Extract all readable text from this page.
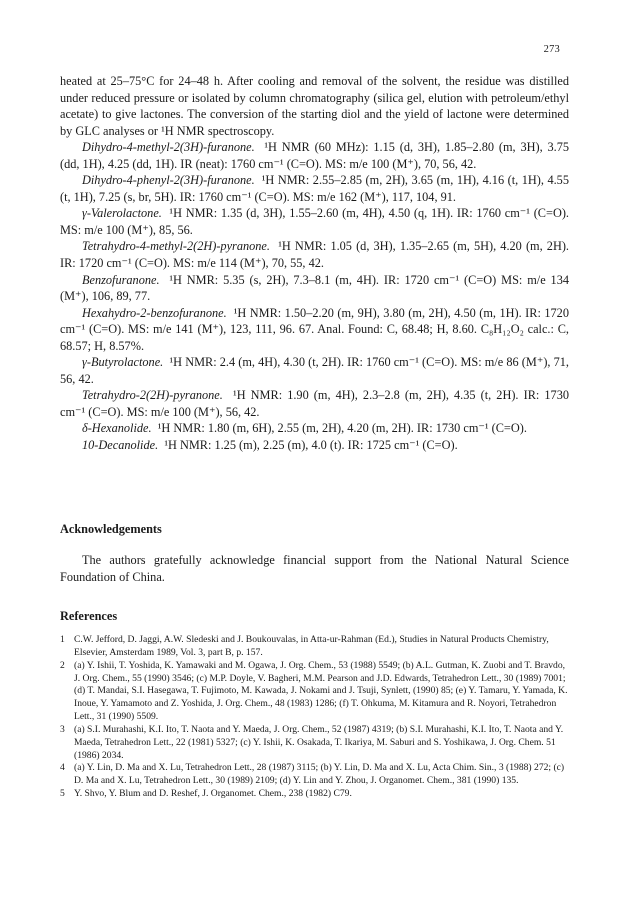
273

heated at 25–75°C for 24–48 h. After cooling and removal of the solvent, the residue was distilled under reduced pressure or isolated by column chromatography (silica gel, elution with petroleum/ethyl acetate) to give lactones. The conversion of the starting diol and the yield of lactone were determined by GLC analyses or ¹H NMR spectroscopy.

Dihydro-4-methyl-2(3H)-furanone. ¹H NMR (60 MHz): 1.15 (d, 3H), 1.85–2.80 (m, 3H), 3.75 (dd, 1H), 4.25 (dd, 1H). IR (neat): 1760 cm⁻¹ (C=O). MS: m/e 100 (M⁺), 70, 56, 42.

Dihydro-4-phenyl-2(3H)-furanone. ¹H NMR: 2.55–2.85 (m, 2H), 3.65 (m, 1H), 4.16 (t, 1H), 4.55 (t, 1H), 7.25 (s, br, 5H). IR: 1760 cm⁻¹ (C=O). MS: m/e 162 (M⁺), 117, 104, 91.

γ-Valerolactone. ¹H NMR: 1.35 (d, 3H), 1.55–2.60 (m, 4H), 4.50 (q, 1H). IR: 1760 cm⁻¹ (C=O). MS: m/e 100 (M⁺), 85, 56.

Tetrahydro-4-methyl-2(2H)-pyranone. ¹H NMR: 1.05 (d, 3H), 1.35–2.65 (m, 5H), 4.20 (m, 2H). IR: 1720 cm⁻¹ (C=O). MS: m/e 114 (M⁺), 70, 55, 42.

Benzofuranone. ¹H NMR: 5.35 (s, 2H), 7.3–8.1 (m, 4H). IR: 1720 cm⁻¹ (C=O) MS: m/e 134 (M⁺), 106, 89, 77.

Hexahydro-2-benzofuranone. ¹H NMR: 1.50–2.20 (m, 9H), 3.80 (m, 2H), 4.50 (m, 1H). IR: 1720 cm⁻¹ (C=O). MS: m/e 141 (M⁺), 123, 111, 96. 67. Anal. Found: C, 68.48; H, 8.60. C₈H₁₂O₂ calc.: C, 68.57; H, 8.57%.

γ-Butyrolactone. ¹H NMR: 2.4 (m, 4H), 4.30 (t, 2H). IR: 1760 cm⁻¹ (C=O). MS: m/e 86 (M⁺), 71, 56, 42.

Tetrahydro-2(2H)-pyranone. ¹H NMR: 1.90 (m, 4H), 2.3–2.8 (m, 2H), 4.35 (t, 2H). IR: 1730 cm⁻¹ (C=O). MS: m/e 100 (M⁺), 56, 42.

δ-Hexanolide. ¹H NMR: 1.80 (m, 6H), 2.55 (m, 2H), 4.20 (m, 2H). IR: 1730 cm⁻¹ (C=O).

10-Decanolide. ¹H NMR: 1.25 (m), 2.25 (m), 4.0 (t). IR: 1725 cm⁻¹ (C=O).

Acknowledgements

The authors gratefully acknowledge financial support from the National Natural Science Foundation of China.

References
1 C.W. Jefford, D. Jaggi, A.W. Sledeski and J. Boukouvalas, in Atta-ur-Rahman (Ed.), Studies in Natural Products Chemistry, Elsevier, Amsterdam 1989, Vol. 3, part B, p. 157.
2 (a) Y. Ishii, T. Yoshida, K. Yamawaki and M. Ogawa, J. Org. Chem., 53 (1988) 5549; (b) A.L. Gutman, K. Zuobi and T. Bravdo, J. Org. Chem., 55 (1990) 3546; (c) M.P. Doyle, V. Bagheri, M.M. Pearson and J.D. Edwards, Tetrahedron Lett., 30 (1989) 7001; (d) T. Mandai, S.I. Hasegawa, T. Fujimoto, M. Kawada, J. Nokami and J. Tsuji, Synlett, (1990) 85; (e) Y. Tamaru, Y. Yamada, K. Inoue, Y. Yamamoto and Z. Yoshida, J. Org. Chem., 48 (1983) 1286; (f) T. Ohkuma, M. Kitamura and R. Noyori, Tetrahedron Lett., 31 (1990) 5509.
3 (a) S.I. Murahashi, K.I. Ito, T. Naota and Y. Maeda, J. Org. Chem., 52 (1987) 4319; (b) S.I. Murahashi, K.I. Ito, T. Naota and Y. Maeda, Tetrahedron Lett., 22 (1981) 5327; (c) Y. Ishii, K. Osakada, T. Ikariya, M. Saburi and S. Yoshikawa, J. Org. Chem. 51 (1986) 2034.
4 (a) Y. Lin, D. Ma and X. Lu, Tetrahedron Lett., 28 (1987) 3115; (b) Y. Lin, D. Ma and X. Lu, Acta Chim. Sin., 3 (1988) 272; (c) D. Ma and X. Lu, Tetrahedron Lett., 30 (1989) 2109; (d) Y. Lin and Y. Zhou, J. Organomet. Chem., 381 (1990) 135.
5 Y. Shvo, Y. Blum and D. Reshef, J. Organomet. Chem., 238 (1982) C79.
